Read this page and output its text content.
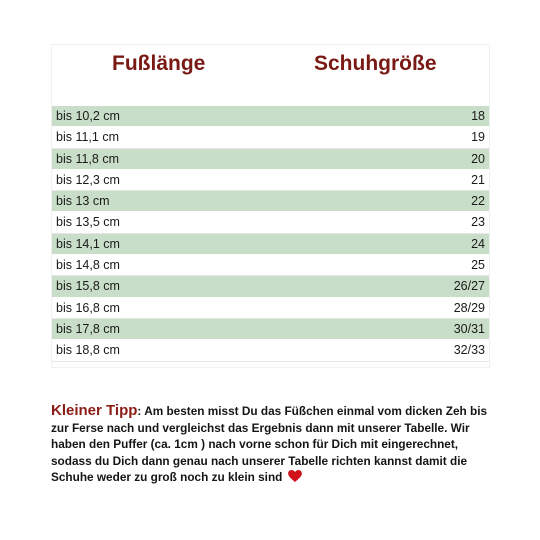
Fußlänge	Schuhgröße
bis 10,2 cm	18
bis 11,1 cm	19
bis 11,8 cm	20
bis 12,3 cm	21
bis 13 cm	22
bis 13,5 cm	23
bis 14,1 cm	24
bis 14,8 cm	25
bis 15,8 cm	26/27
bis 16,8 cm	28/29
bis 17,8 cm	30/31
bis 18,8 cm	32/33
Kleiner Tipp: Am besten misst Du das Füßchen einmal vom dicken Zeh bis zur Ferse nach und vergleichst das Ergebnis dann mit unserer Tabelle. Wir haben den Puffer (ca. 1cm ) nach vorne schon für Dich mit eingerechnet, sodass du Dich dann genau nach unserer Tabelle richten kannst damit die Schuhe weder zu groß noch zu klein sind
